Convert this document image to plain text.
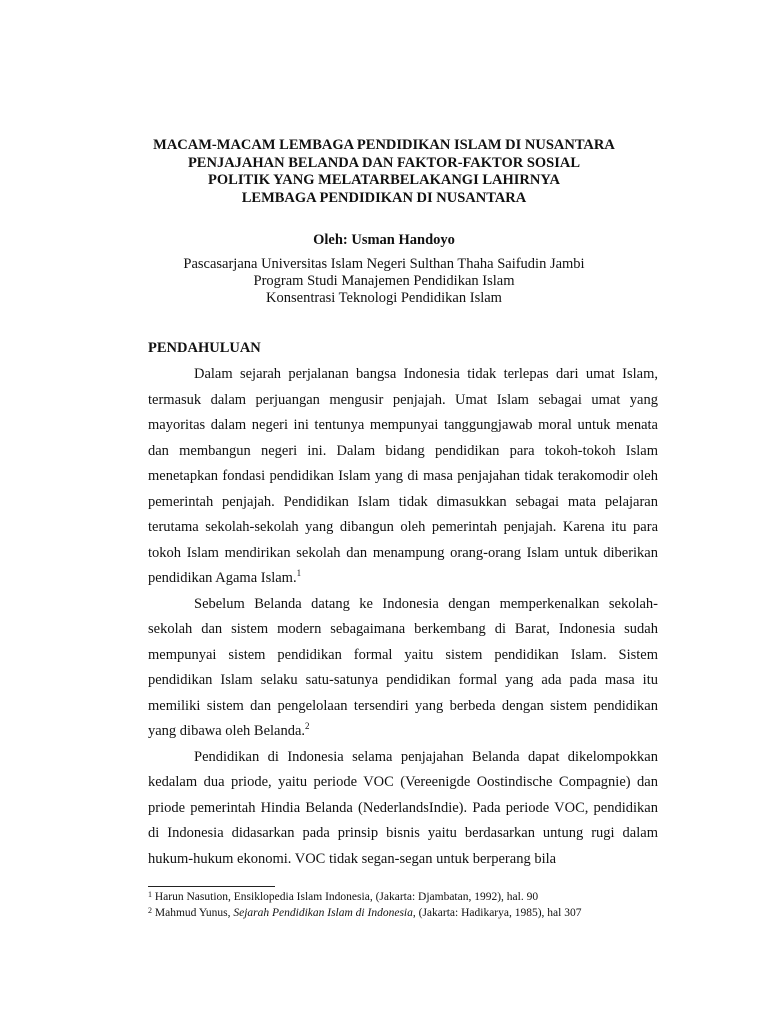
MACAM-MACAM LEMBAGA PENDIDIKAN ISLAM DI NUSANTARA
PENJAJAHAN BELANDA DAN FAKTOR-FAKTOR SOSIAL
POLITIK YANG MELATARBELAKANGI LAHIRNYA
LEMBAGA PENDIDIKAN DI NUSANTARA

Oleh: Usman Handoyo

Pascasarjana Universitas Islam Negeri Sulthan Thaha Saifudin Jambi
Program Studi Manajemen Pendidikan Islam
Konsentrasi Teknologi Pendidikan Islam
PENDAHULUAN

Dalam sejarah perjalanan bangsa Indonesia tidak terlepas dari umat Islam, termasuk dalam perjuangan mengusir penjajah. Umat Islam sebagai umat yang mayoritas dalam negeri ini tentunya mempunyai tanggungjawab moral untuk menata dan membangun negeri ini. Dalam bidang pendidikan para tokoh-tokoh Islam menetapkan fondasi pendidikan Islam yang di masa penjajahan tidak terakomodir oleh pemerintah penjajah. Pendidikan Islam tidak dimasukkan sebagai mata pelajaran terutama sekolah-sekolah yang dibangun oleh pemerintah penjajah. Karena itu para tokoh Islam mendirikan sekolah dan menampung orang-orang Islam untuk diberikan pendidikan Agama Islam.$^1$

Sebelum Belanda datang ke Indonesia dengan memperkenalkan sekolah-sekolah dan sistem modern sebagaimana berkembang di Barat, Indonesia sudah mempunyai sistem pendidikan formal yaitu sistem pendidikan Islam. Sistem pendidikan Islam selaku satu-satunya pendidikan formal yang ada pada masa itu memiliki sistem dan pengelolaan tersendiri yang berbeda dengan sistem pendidikan yang dibawa oleh Belanda.$^2$

Pendidikan di Indonesia selama penjajahan Belanda dapat dikelompokkan kedalam dua priode, yaitu periode VOC (Vereenigde Oostindische Compagnie) dan priode pemerintah Hindia Belanda (NederlandsIndie). Pada periode VOC, pendidikan di Indonesia didasarkan pada prinsip bisnis yaitu berdasarkan untung rugi dalam hukum-hukum ekonomi. VOC tidak segan-segan untuk berperang bila

$^1$ Harun Nasution, Ensiklopedia Islam Indonesia, (Jakarta: Djambatan, 1992), hal. 90
$^2$ Mahmud Yunus, Sejarah Pendidikan Islam di Indonesia, (Jakarta: Hadikarya, 1985), hal 307
